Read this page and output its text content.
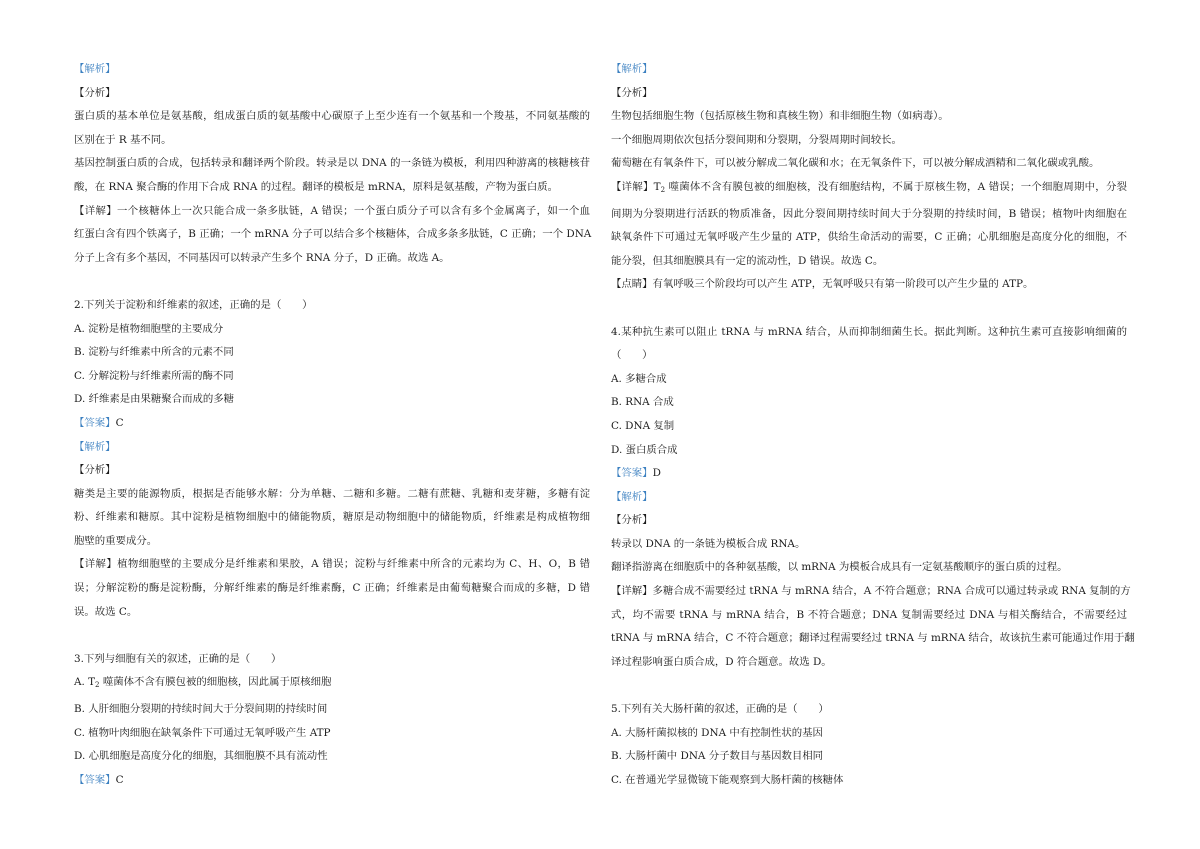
【解析】
【分析】
蛋白质的基本单位是氨基酸，组成蛋白质的氨基酸中心碳原子上至少连有一个氨基和一个羧基，不同氨基酸的
区别在于 R 基不同。
基因控制蛋白质的合成，包括转录和翻译两个阶段。转录是以 DNA 的一条链为模板，利用四种游离的核糖核苷
酸，在 RNA 聚合酶的作用下合成 RNA 的过程。翻译的模板是 mRNA，原料是氨基酸，产物为蛋白质。
【详解】一个核糖体上一次只能合成一条多肽链，A 错误；一个蛋白质分子可以含有多个金属离子，如一个血
红蛋白含有四个铁离子，B 正确；一个 mRNA 分子可以结合多个核糖体，合成多条多肽链，C 正确；一个 DNA
分子上含有多个基因，不同基因可以转录产生多个 RNA 分子，D 正确。故选 A。
2.下列关于淀粉和纤维素的叙述，正确的是（　　）
A. 淀粉是植物细胞壁的主要成分
B. 淀粉与纤维素中所含的元素不同
C. 分解淀粉与纤维素所需的酶不同
D. 纤维素是由果糖聚合而成的多糖
【答案】C
【解析】
【分析】
糖类是主要的能源物质，根据是否能够水解：分为单糖、二糖和多糖。二糖有蔗糖、乳糖和麦芽糖，多糖有淀
粉、纤维素和糖原。其中淀粉是植物细胞中的储能物质，糖原是动物细胞中的储能物质，纤维素是构成植物细
胞壁的重要成分。
【详解】植物细胞壁的主要成分是纤维素和果胶，A 错误；淀粉与纤维素中所含的元素均为 C、H、O，B 错
误；分解淀粉的酶是淀粉酶，分解纤维素的酶是纤维素酶，C 正确；纤维素是由葡萄糖聚合而成的多糖，D 错
误。故选 C。
3.下列与细胞有关的叙述，正确的是（　　）
A. $T_2$ 噬菌体不含有膜包被的细胞核，因此属于原核细胞
B. 人肝细胞分裂期的持续时间大于分裂间期的持续时间
C. 植物叶肉细胞在缺氧条件下可通过无氧呼吸产生 ATP
D. 心肌细胞是高度分化的细胞，其细胞膜不具有流动性
【答案】C
【解析】
【分析】
生物包括细胞生物（包括原核生物和真核生物）和非细胞生物（如病毒）。
一个细胞周期依次包括分裂间期和分裂期，分裂周期时间较长。
葡萄糖在有氧条件下，可以被分解成二氧化碳和水；在无氧条件下，可以被分解成酒精和二氧化碳或乳酸。
【详解】$T_2$ 噬菌体不含有膜包被的细胞核，没有细胞结构，不属于原核生物，A 错误；一个细胞周期中，分裂
间期为分裂期进行活跃的物质准备，因此分裂间期持续时间大于分裂期的持续时间，B 错误；植物叶肉细胞在
缺氧条件下可通过无氧呼吸产生少量的 ATP，供给生命活动的需要，C 正确；心肌细胞是高度分化的细胞，不
能分裂，但其细胞膜具有一定的流动性，D 错误。故选 C。
【点睛】有氧呼吸三个阶段均可以产生 ATP，无氧呼吸只有第一阶段可以产生少量的 ATP。
4.某种抗生素可以阻止 tRNA 与 mRNA 结合，从而抑制细菌生长。据此判断。这种抗生素可直接影响细菌的
（　　）
A. 多糖合成
B. RNA 合成
C. DNA 复制
D. 蛋白质合成
【答案】D
【解析】
【分析】
转录以 DNA 的一条链为模板合成 RNA。
翻译指游离在细胞质中的各种氨基酸，以 mRNA 为模板合成具有一定氨基酸顺序的蛋白质的过程。
【详解】多糖合成不需要经过 tRNA 与 mRNA 结合，A 不符合题意；RNA 合成可以通过转录或 RNA 复制的方
式，均不需要 tRNA 与 mRNA 结合，B 不符合题意；DNA 复制需要经过 DNA 与相关酶结合，不需要经过
tRNA 与 mRNA 结合，C 不符合题意；翻译过程需要经过 tRNA 与 mRNA 结合，故该抗生素可能通过作用于翻
译过程影响蛋白质合成，D 符合题意。故选 D。
5.下列有关大肠杆菌的叙述，正确的是（　　）
A. 大肠杆菌拟核的 DNA 中有控制性状的基因
B. 大肠杆菌中 DNA 分子数目与基因数目相同
C. 在普通光学显微镜下能观察到大肠杆菌的核糖体
